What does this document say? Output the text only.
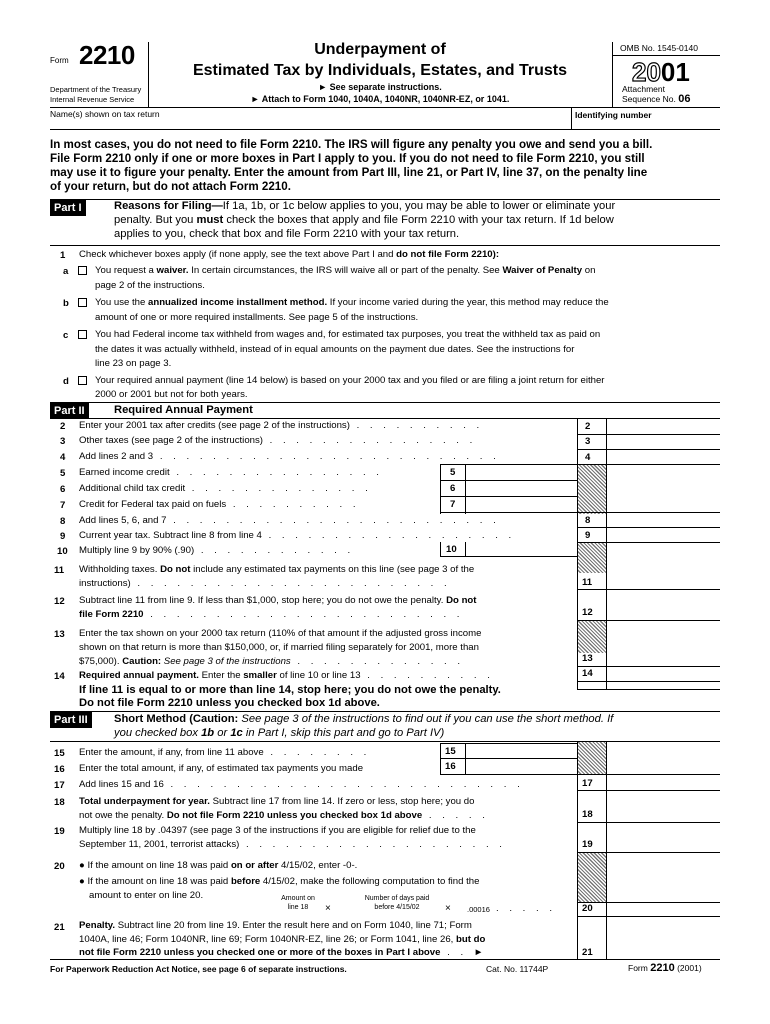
Form 2210
Department of the Treasury
Internal Revenue Service
Underpayment of
Estimated Tax by Individuals, Estates, and Trusts
► See separate instructions.
► Attach to Form 1040, 1040A, 1040NR, 1040NR-EZ, or 1041.
OMB No. 1545-0140
2001
Attachment
Sequence No. 06
Name(s) shown on tax return	Identifying number
In most cases, you do not need to file Form 2210. The IRS will figure any penalty you owe and send you a bill.
File Form 2210 only if one or more boxes in Part I apply to you. If you do not need to file Form 2210, you still
may use it to figure your penalty. Enter the amount from Part III, line 21, or Part IV, line 37, on the penalty line
of your return, but do not attach Form 2210.
Part I	Reasons for Filing—If 1a, 1b, or 1c below applies to you, you may be able to lower or eliminate your
penalty. But you must check the boxes that apply and file Form 2210 with your tax return. If 1d below
applies to you, check that box and file Form 2210 with your tax return.
1 Check whichever boxes apply (if none apply, see the text above Part I and do not file Form 2210):
a	You request a waiver. In certain circumstances, the IRS will waive all or part of the penalty. See Waiver of Penalty on
page 2 of the instructions.
b	You use the annualized income installment method. If your income varied during the year, this method may reduce the
amount of one or more required installments. See page 5 of the instructions.
c	You had Federal income tax withheld from wages and, for estimated tax purposes, you treat the withheld tax as paid on
the dates it was actually withheld, instead of in equal amounts on the payment due dates. See the instructions for
line 23 on page 3.
d	Your required annual payment (line 14 below) is based on your 2000 tax and you filed or are filing a joint return for either
2000 or 2001 but not for both years.
Part II	Required Annual Payment
2 Enter your 2001 tax after credits (see page 2 of the instructions) . . . . . . . . . .	2
3 Other taxes (see page 2 of the instructions) . . . . . . . . . . . . . . . .	3
4 Add lines 2 and 3 . . . . . . . . . . . . . . . . . . . . . . . . . .	4
5 Earned income credit . . . . . . . . . . . . . . . .	5
6 Additional child tax credit . . . . . . . . . . . . . .	6
7 Credit for Federal tax paid on fuels . . . . . . . . . .	7
8 Add lines 5, 6, and 7 . . . . . . . . . . . . . . . . . . . . . . . . .	8
9 Current year tax. Subtract line 8 from line 4 . . . . . . . . . . . . . . . . . . .	9
10 Multiply line 9 by 90% (.90) . . . . . . . . . . . .	10
11 Withholding taxes. Do not include any estimated tax payments on this line (see page 3 of the
instructions) . . . . . . . . . . . . . . . . . . . . . . . .	11
12 Subtract line 11 from line 9. If less than $1,000, stop here; you do not owe the penalty. Do not
file Form 2210 . . . . . . . . . . . . . . . . . . . . . . . .	12
13 Enter the tax shown on your 2000 tax return (110% of that amount if the adjusted gross income
shown on that return is more than $150,000, or, if married filing separately for 2001, more than
$75,000). Caution: See page 3 of the instructions . . . . . . . . . . . . .	13
14 Required annual payment. Enter the smaller of line 10 or line 13 . . . . . . . . . .	14
If line 11 is equal to or more than line 14, stop here; you do not owe the penalty.
Do not file Form 2210 unless you checked box 1d above.
Part III	Short Method (Caution: See page 3 of the instructions to find out if you can use the short method. If
you checked box 1b or 1c in Part I, skip this part and go to Part IV)
15 Enter the amount, if any, from line 11 above . . . . . . . .	15
16 Enter the total amount, if any, of estimated tax payments you made	16
17 Add lines 15 and 16 . . . . . . . . . . . . . . . . . . . . . . . . . . .	17
18 Total underpayment for year. Subtract line 17 from line 14. If zero or less, stop here; you do
not owe the penalty. Do not file Form 2210 unless you checked box 1d above . . . . .	18
19 Multiply line 18 by .04397 (see page 3 of the instructions if you are eligible for relief due to the
September 11, 2001, terrorist attacks) . . . . . . . . . . . . . . . . . . . .	19
20 ● If the amount on line 18 was paid on or after 4/15/02, enter -0-.
● If the amount on line 18 was paid before 4/15/02, make the following computation to find the
amount to enter on line 20.	Amount on
line 18	×
Number of days paid
before 4/15/02	× .00016 . . . . .	20
21 Penalty. Subtract line 20 from line 19. Enter the result here and on Form 1040, line 71; Form
1040A, line 46; Form 1040NR, line 69; Form 1040NR-EZ, line 26; or Form 1041, line 26, but do
not file Form 2210 unless you checked one or more of the boxes in Part I above . . ►	21
For Paperwork Reduction Act Notice, see page 6 of separate instructions.	Cat. No. 11744P	Form 2210 (2001)
